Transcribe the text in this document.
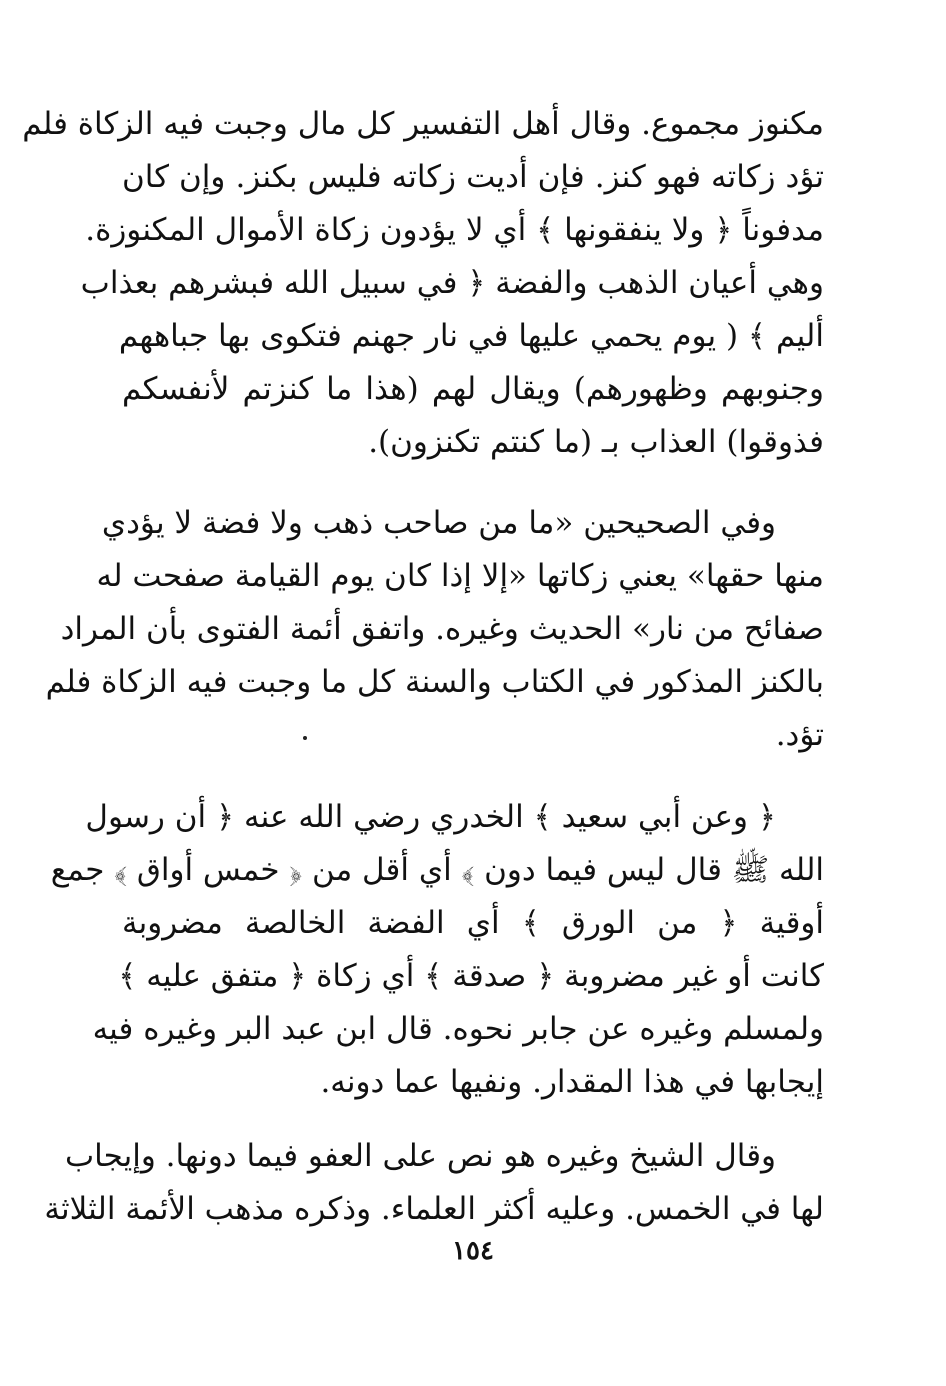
مكنوز مجموع. وقال أهل التفسير كل مال وجبت فيه الزكاة فلم
تؤد زكاته فهو كنز. فإن أديت زكاته فليس بكنز. وإن كان
مدفوناً ﴿ ولا ينفقونها ﴾ أي لا يؤدون زكاة الأموال المكنوزة.
وهي أعيان الذهب والفضة ﴿ في سبيل الله فبشرهم بعذاب
أليم ﴾ ( يوم يحمي عليها في نار جهنم فتكوى بها جباههم
وجنوبهم وظهورهم) ويقال لهم (هذا ما كنزتم لأنفسكم
فذوقوا) العذاب بـ (ما كنتم تكنزون).
وفي الصحيحين «ما من صاحب ذهب ولا فضة لا يؤدي
منها حقها» يعني زكاتها «إلا إذا كان يوم القيامة صفحت له
صفائح من نار» الحديث وغيره. واتفق أئمة الفتوى بأن المراد
بالكنز المذكور في الكتاب والسنة كل ما وجبت فيه الزكاة فلم
تؤد.
﴿ وعن أبي سعيد ﴾ الخدري رضي الله عنه ﴿ أن رسول
الله ﷺ قال ليس فيما دون ﴾ أي أقل من ﴿ خمس أواق ﴾ جمع
أوقية ﴿ من الورق ﴾ أي الفضة الخالصة مضروبة
كانت أو غير مضروبة ﴿ صدقة ﴾ أي زكاة ﴿ متفق عليه ﴾
ولمسلم وغيره عن جابر نحوه. قال ابن عبد البر وغيره فيه
إيجابها في هذا المقدار. ونفيها عما دونه.
وقال الشيخ وغيره هو نص على العفو فيما دونها. وإيجاب
لها في الخمس. وعليه أكثر العلماء. وذكره مذهب الأئمة الثلاثة
١٥٤
